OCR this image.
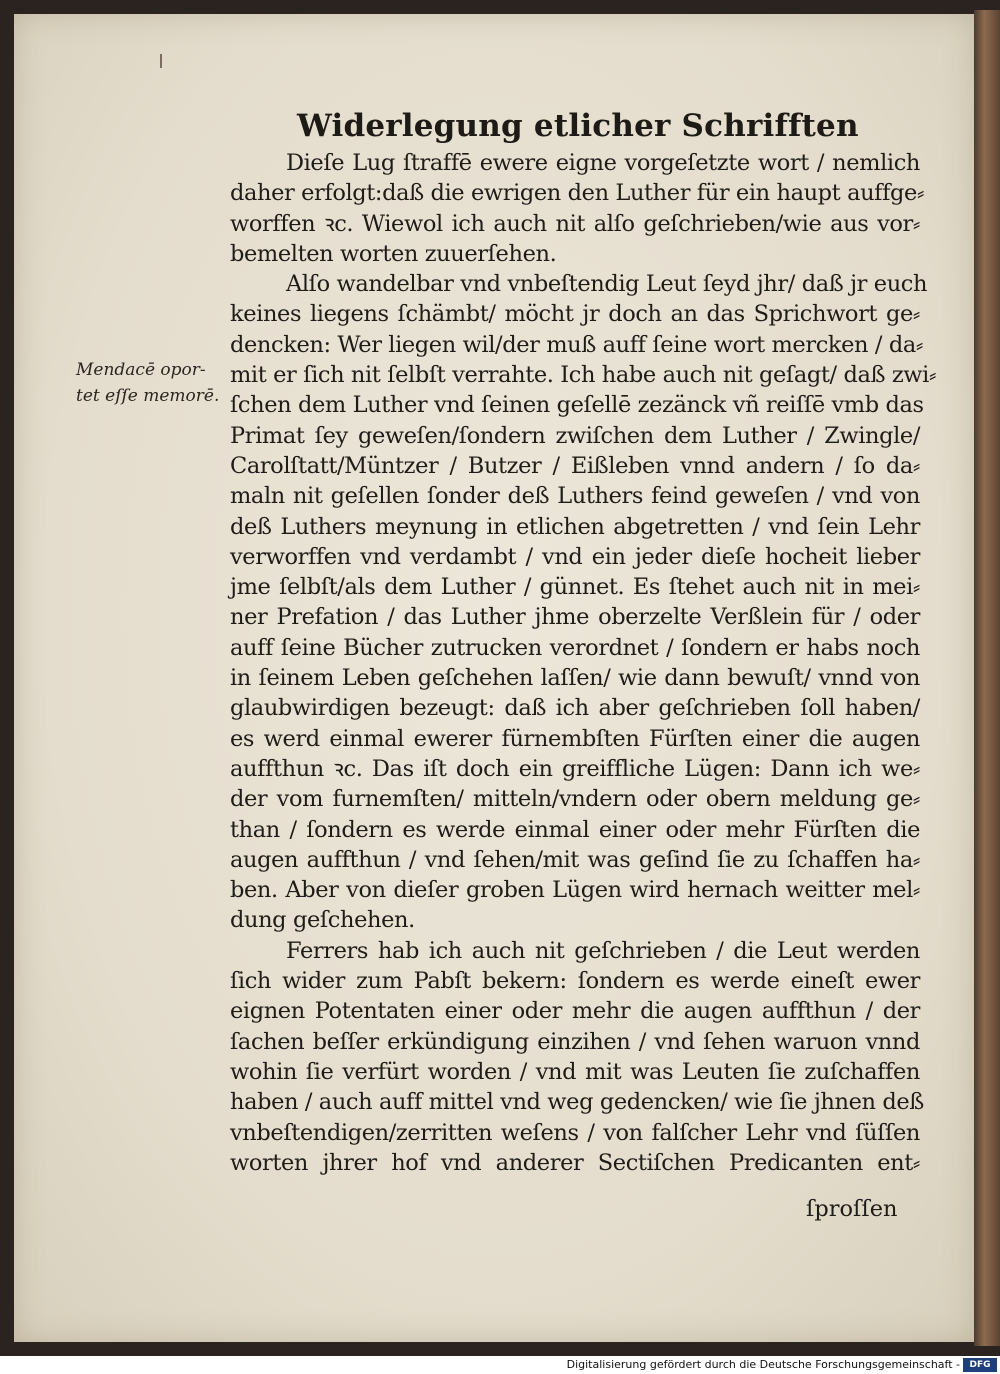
Widerlegung etlicher Schrifften
Mendacē opor-
tet eſſe memorē.
Dieſe Lug ſtraffē ewere eigne vorgeſetzte wort / nemlich
daher erfolgt:daß die ewrigen den Luther für ein haupt auffge⸗
worffen ꝛc. Wiewol ich auch nit alſo geſchrieben/wie aus vor⸗
bemelten worten zuuerſehen.
Alſo wandelbar vnd vnbeſtendig Leut ſeyd jhr/ daß jr euch
keines liegens ſchämbt/ möcht jr doch an das Sprichwort ge⸗
dencken: Wer liegen wil/der muß auff ſeine wort mercken / da⸗
mit er ſich nit ſelbſt verrahte. Ich habe auch nit geſagt/ daß zwi⸗
ſchen dem Luther vnd ſeinen geſellē zezänck vñ reiſſē vmb das
Primat ſey geweſen/ſondern zwiſchen dem Luther / Zwingle/
Carolſtatt/Müntzer / Butzer / Eißleben vnnd andern / ſo da⸗
maln nit geſellen ſonder deß Luthers feind geweſen / vnd von
deß Luthers meynung in etlichen abgetretten / vnd ſein Lehr
verworffen vnd verdambt / vnd ein jeder dieſe hocheit lieber
jme ſelbſt/als dem Luther / günnet. Es ſtehet auch nit in mei⸗
ner Prefation / das Luther jhme oberzelte Verßlein für / oder
auff ſeine Bücher zutrucken verordnet / ſondern er habs noch
in ſeinem Leben geſchehen laſſen/ wie dann bewuſt/ vnnd von
glaubwirdigen bezeugt: daß ich aber geſchrieben ſoll haben/
es werd einmal ewerer fürnembſten Fürſten einer die augen
auffthun ꝛc. Das iſt doch ein greiffliche Lügen: Dann ich we⸗
der vom furnemſten/ mitteln/vndern oder obern meldung ge⸗
than / ſondern es werde einmal einer oder mehr Fürſten die
augen auffthun / vnd ſehen/mit was geſind ſie zu ſchaffen ha⸗
ben. Aber von dieſer groben Lügen wird hernach weitter mel⸗
dung geſchehen.
Ferrers hab ich auch nit geſchrieben / die Leut werden
ſich wider zum Pabſt bekern: ſondern es werde eineſt ewer
eignen Potentaten einer oder mehr die augen auffthun / der
ſachen beſſer erkündigung einzihen / vnd ſehen waruon vnnd
wohin ſie verfürt worden / vnd mit was Leuten ſie zuſchaffen
haben / auch auff mittel vnd weg gedencken/ wie ſie jhnen deß
vnbeſtendigen/zerritten weſens / von falſcher Lehr vnd ſüſſen
worten jhrer hof vnd anderer Sectiſchen Predicanten ent⸗
ſproſſen
Digitalisierung gefördert durch die Deutsche Forschungsgemeinschaft -	DFG
